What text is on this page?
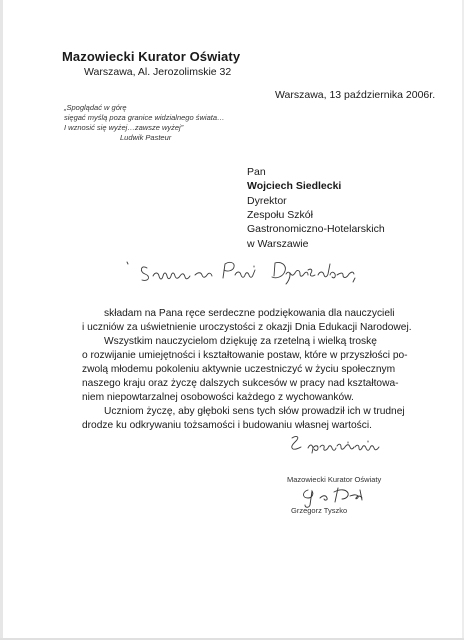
Mazowiecki Kurator Oświaty
Warszawa, Al. Jerozolimskie 32
Warszawa, 13 października 2006r.
„Spoglądać w górę
sięgać myślą poza granice widzialnego świata…
I wznosić się wyżej…zawsze wyżej”
Ludwik Pasteur
Pan
Wojciech Siedlecki
Dyrektor
Zespołu Szkół
Gastronomiczno-Hotelarskich
w Warszawie
składam na Pana ręce serdeczne podziękowania dla nauczycieli
i uczniów za uświetnienie uroczystości z okazji Dnia Edukacji Narodowej.
Wszystkim nauczycielom dziękuję za rzetelną i wielką troskę
o rozwijanie umiejętności i kształtowanie postaw, które w przyszłości po-
zwolą młodemu pokoleniu aktywnie uczestniczyć w życiu społecznym
naszego kraju oraz życzę dalszych sukcesów w pracy nad kształtowa-
niem niepowtarzalnej osobowości każdego z wychowanków.
Uczniom życzę, aby głęboki sens tych słów prowadził ich w trudnej
drodze ku odkrywaniu tożsamości i budowaniu własnej wartości.
Mazowiecki Kurator Oświaty
Grzegorz Tyszko
